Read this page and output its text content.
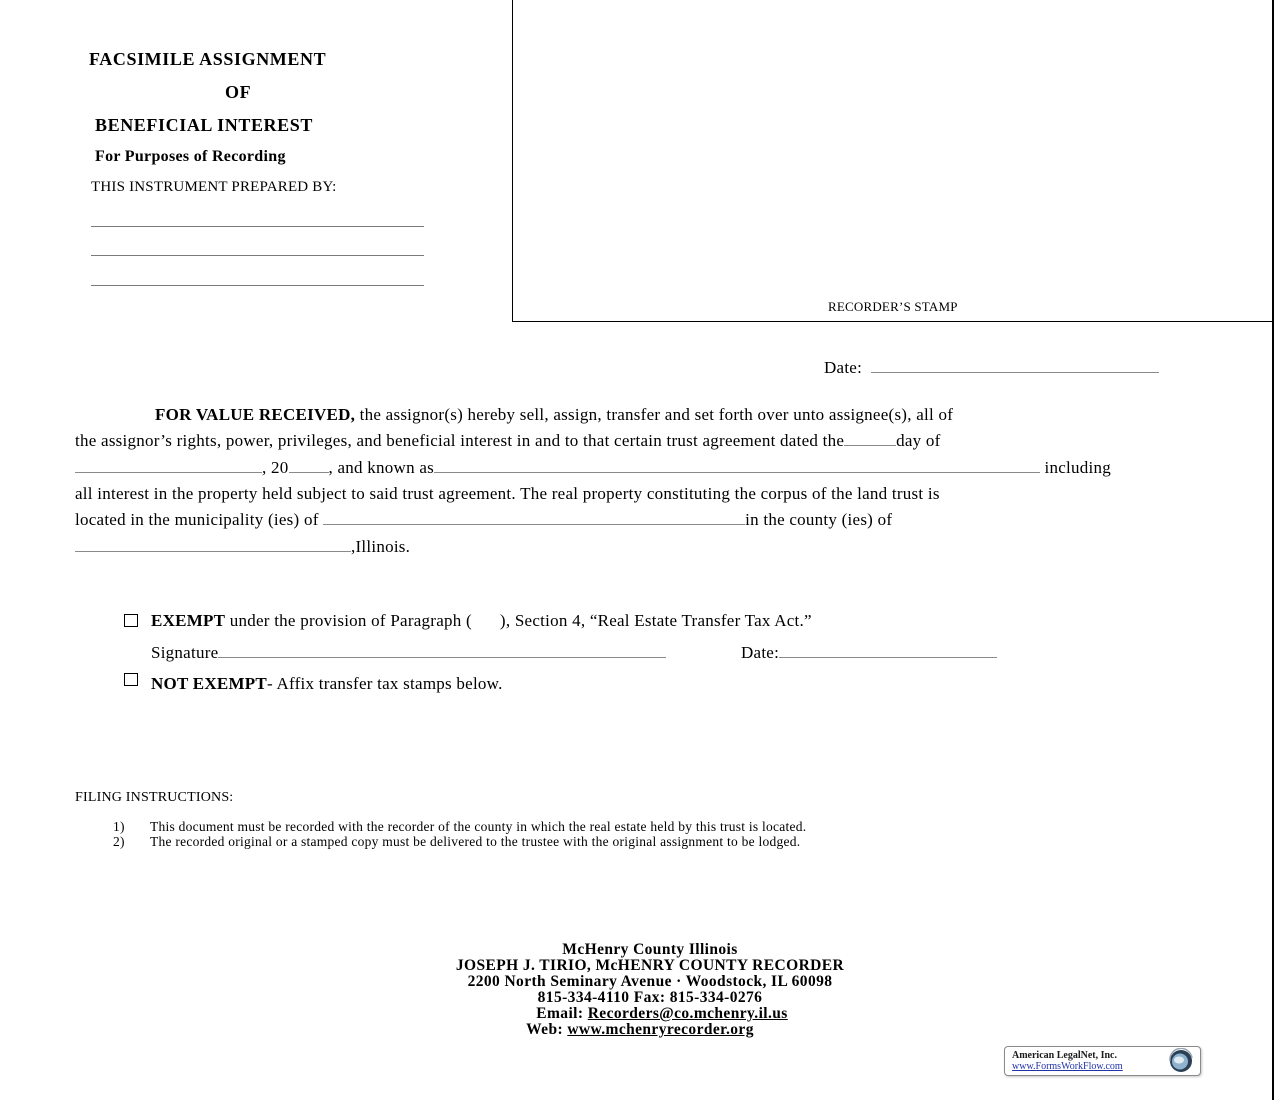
FACSIMILE ASSIGNMENT
OF
BENEFICIAL INTEREST
For Purposes of Recording
THIS INSTRUMENT PREPARED BY:
RECORDER’S STAMP
Date:
FOR VALUE RECEIVED, the assignor(s) hereby sell, assign, transfer and set forth over unto assignee(s), all of
the assignor’s rights, power, privileges, and beneficial interest in and to that certain trust agreement dated the	day of
, 20 , and known as	including
all interest in the property held subject to said trust agreement. The real property constituting the corpus of the land trust is
located in the municipality (ies) of	in the county (ies) of
,Illinois.
EXEMPT under the provision of Paragraph ( ), Section 4, “Real Estate Transfer Tax Act.”
Signature	Date:
NOT EXEMPT- Affix transfer tax stamps below.
FILING INSTRUCTIONS:
1) This document must be recorded with the recorder of the county in which the real estate held by this trust is located.
2) The recorded original or a stamped copy must be delivered to the trustee with the original assignment to be lodged.
McHenry County Illinois
JOSEPH J. TIRIO, McHENRY COUNTY RECORDER
2200 North Seminary Avenue · Woodstock, IL 60098
815-334-4110 Fax: 815-334-0276
Email: Recorders@co.mchenry.il.us
Web: www.mchenryrecorder.org
American LegalNet, Inc.
www.FormsWorkFlow.com
